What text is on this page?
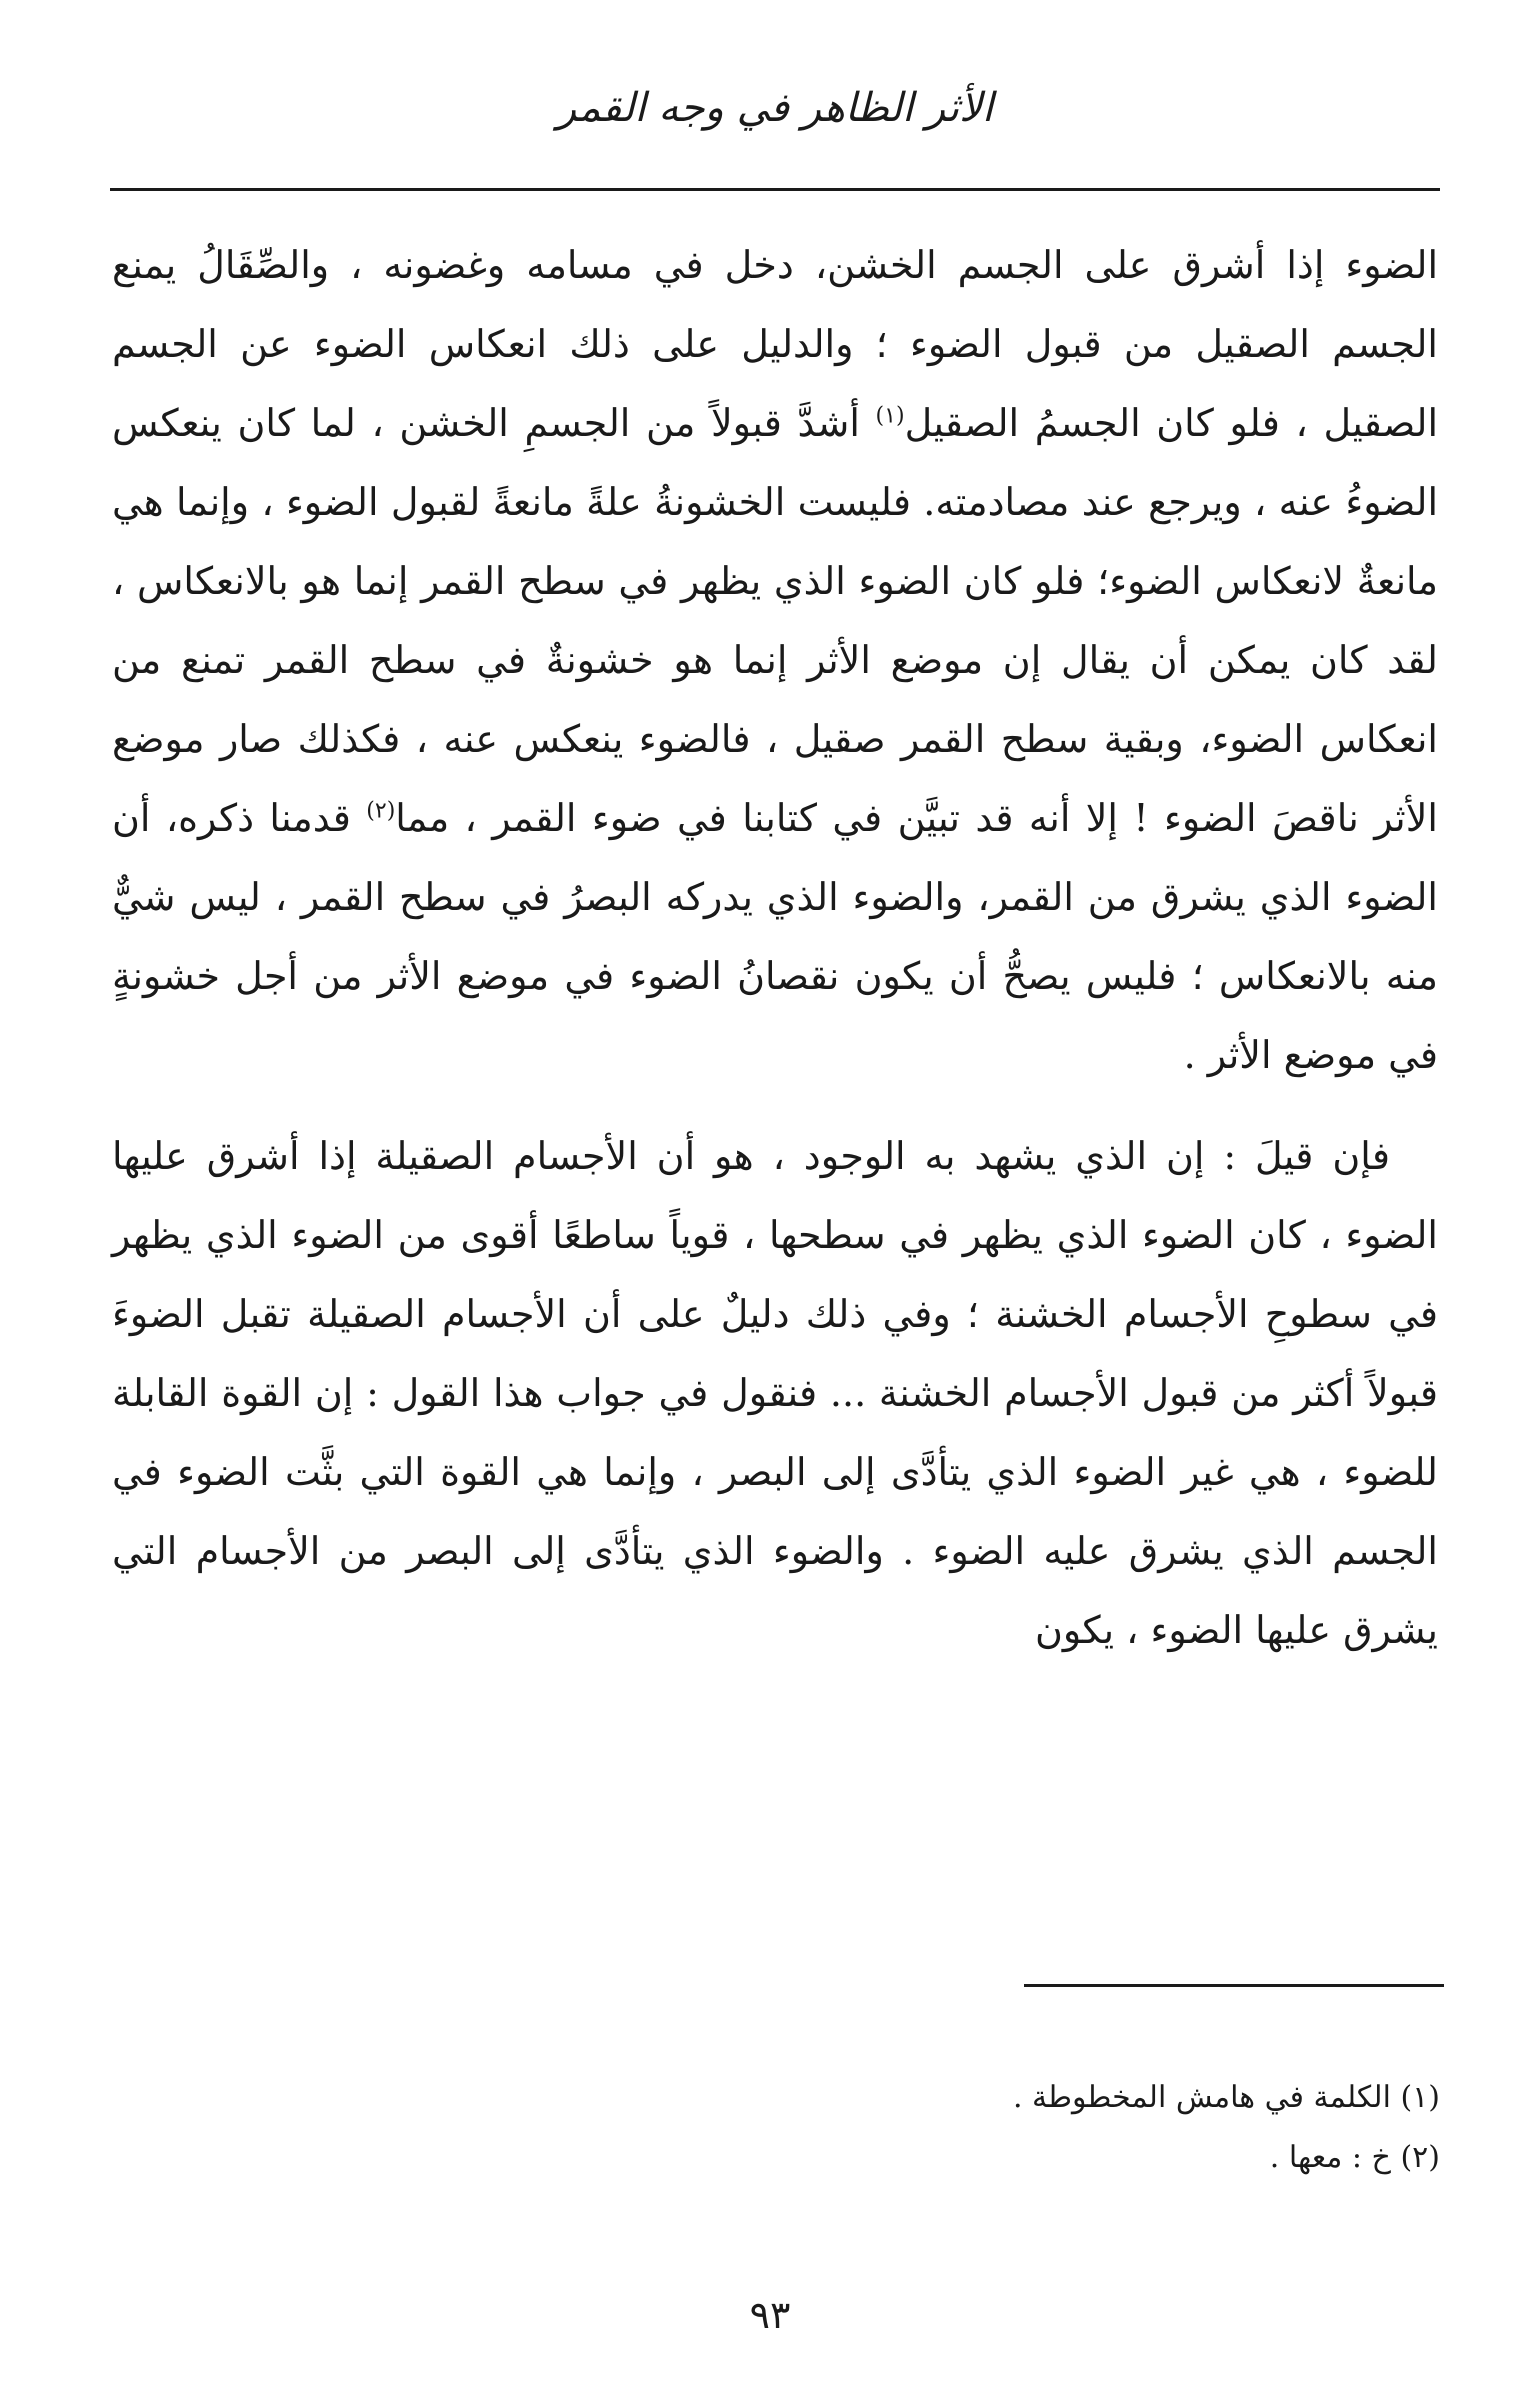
الأثر الظاهر في وجه القمر

الضوء إذا أشرق على الجسم الخشن، دخل في مسامه وغضونه ، والصِّقَالُ يمنع الجسم الصقيل من قبول الضوء ؛ والدليل على ذلك انعكاس الضوء عن الجسم الصقيل ، فلو كان الجسمُ الصقيل$^{(١)}$ أشدَّ قبولاً من الجسمِ الخشن ، لما كان ينعكس الضوءُ عنه ، ويرجع عند مصادمته. فليست الخشونةُ علةً مانعةً لقبول الضوء ، وإنما هي مانعةٌ لانعكاس الضوء؛ فلو كان الضوء الذي يظهر في سطح القمر إنما هو بالانعكاس ، لقد كان يمكن أن يقال إن موضع الأثر إنما هو خشونةٌ في سطح القمر تمنع من انعكاس الضوء، وبقية سطح القمر صقيل ، فالضوء ينعكس عنه ، فكذلك صار موضع الأثر ناقصَ الضوء ! إلا أنه قد تبيَّن في كتابنا في ضوء القمر ، مما$^{(٢)}$ قدمنا ذكره، أن الضوء الذي يشرق من القمر، والضوء الذي يدركه البصرُ في سطح القمر ، ليس شيٌّ منه بالانعكاس ؛ فليس يصحُّ أن يكون نقصانُ الضوء في موضع الأثر من أجل خشونةٍ في موضع الأثر .

فإن قيلَ : إن الذي يشهد به الوجود ، هو أن الأجسام الصقيلة إذا أشرق عليها الضوء ، كان الضوء الذي يظهر في سطحها ، قوياً ساطعًا أقوى من الضوء الذي يظهر في سطوحِ الأجسام الخشنة ؛ وفي ذلك دليلٌ على أن الأجسام الصقيلة تقبل الضوءَ قبولاً أكثر من قبول الأجسام الخشنة ... فنقول في جواب هذا القول : إن القوة القابلة للضوء ، هي غير الضوء الذي يتأدَّى إلى البصر ، وإنما هي القوة التي بثَّت الضوء في الجسم الذي يشرق عليه الضوء . والضوء الذي يتأدَّى إلى البصر من الأجسام التي يشرق عليها الضوء ، يكون

(١) الكلمة في هامش المخطوطة .

(٢) خ : معها .

٩٣
